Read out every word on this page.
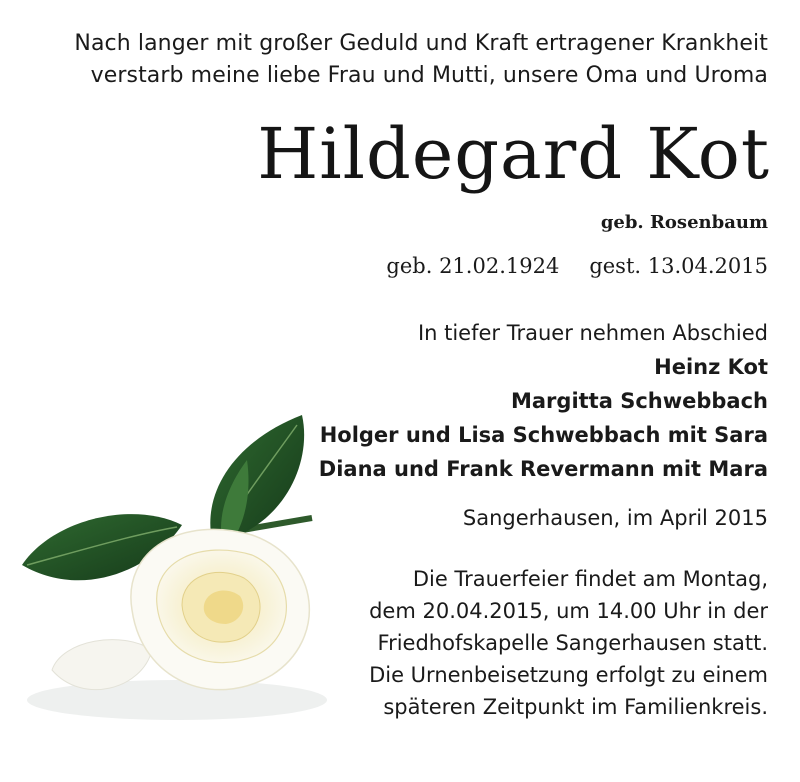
Nach langer mit großer Geduld und Kraft ertragener Krankheit
verstarb meine liebe Frau und Mutti, unsere Oma und Uroma
Hildegard Kot
geb. Rosenbaum
geb. 21.02.1924 gest. 13.04.2015
In tiefer Trauer nehmen Abschied
Heinz Kot
Margitta Schwebbach
Holger und Lisa Schwebbach mit Sara
Diana und Frank Revermann mit Mara
Sangerhausen, im April 2015
Die Trauerfeier findet am Montag,
dem 20.04.2015, um 14.00 Uhr in der
Friedhofskapelle Sangerhausen statt.
Die Urnenbeisetzung erfolgt zu einem
späteren Zeitpunkt im Familienkreis.
